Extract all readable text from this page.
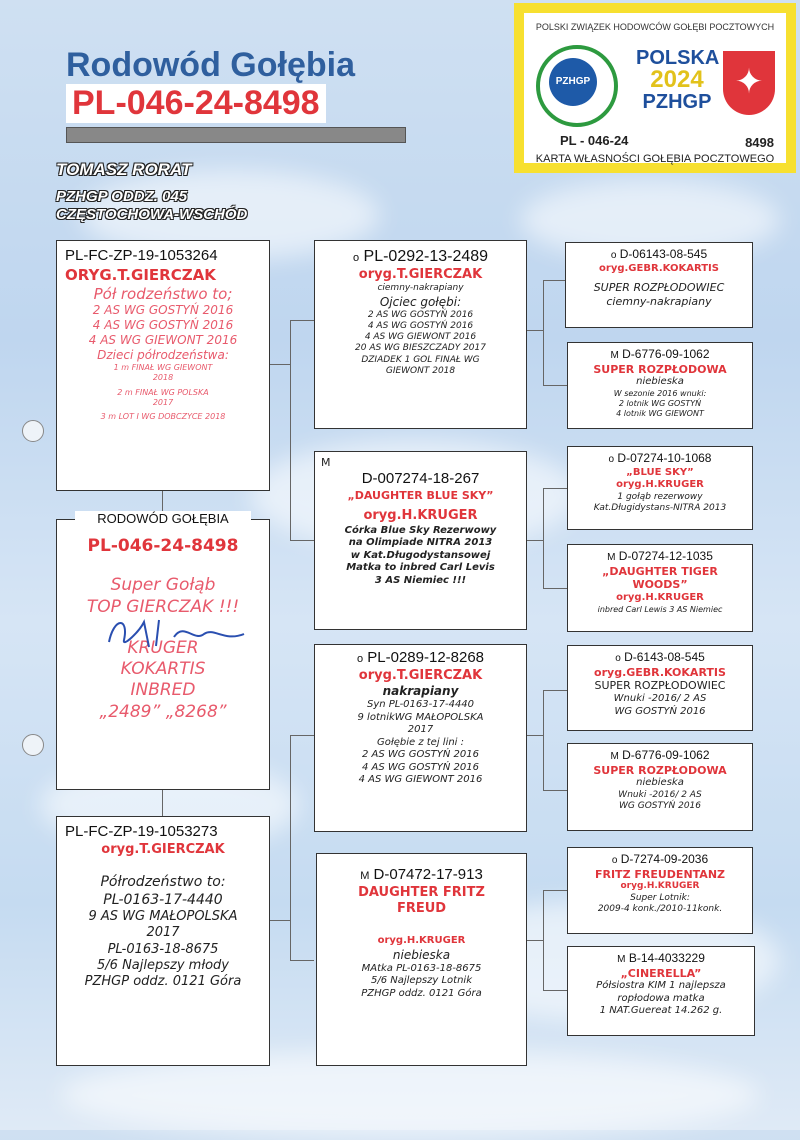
Rodowód Gołębia
PL-046-24-8498
TOMASZ RORAT
PZHGP ODDZ. 045
CZĘSTOCHOWA-WSCHÓD
POLSKI ZWIĄZEK HODOWCÓW GOŁĘBI POCZTOWYCH
PZHGP
POLSKA
2024
PZHGP ✦
PL - 046-24	8498
KARTA WŁASNOŚCI GOŁĘBIA POCZTOWEGO
PL-FC-ZP-19-1053264
ORYG.T.GIERCZAK
Pół rodzeństwo to;
2 AS WG GOSTYŃ 2016
4 AS WG GOSTYŃ 2016
4 AS WG GIEWONT 2016
Dzieci półrodzeństwa:
1 m FINAŁ WG GIEWONT
2018
2 m FINAŁ WG POLSKA
2017
3 m LOT I WG DOBCZYCE 2018
RODOWÓD GOŁĘBIA
PL-046-24-8498
Super Gołąb
TOP GIERCZAK !!!
KRUGER
KOKARTIS
INBRED
„2489” „8268”
PL-FC-ZP-19-1053273
oryg.T.GIERCZAK
Półrodzeństwo to:
PL-0163-17-4440
9 AS WG MAŁOPOLSKA
2017
PL-0163-18-8675
5/6 Najlepszy młody
PZHGP oddz. 0121 Góra
o PL-0292-13-2489
oryg.T.GIERCZAK
ciemny-nakrapiany
Ojciec gołębi:
2 AS WG GOSTYŃ 2016
4 AS WG GOSTYŃ 2016
4 AS WG GIEWONT 2016
20 AS WG BIESZCZADY 2017
DZIADEK 1 GOL FINAŁ WG
GIEWONT 2018
M
D-007274-18-267
„DAUGHTER BLUE SKY”
oryg.H.KRUGER
Córka Blue Sky Rezerwowy
na Olimpiade NITRA 2013
w Kat.Długodystansowej
Matka to inbred Carl Levis
3 AS Niemiec !!!
o PL-0289-12-8268
oryg.T.GIERCZAK
nakrapiany
Syn PL-0163-17-4440
9 lotnikWG MAŁOPOLSKA
2017
Gołębie z tej lini :
2 AS WG GOSTYŃ 2016
4 AS WG GOSTYŃ 2016
4 AS WG GIEWONT 2016
M D-07472-17-913
DAUGHTER FRITZ
FREUD
oryg.H.KRUGER
niebieska
MAtka PL-0163-18-8675
5/6 Najlepszy Lotnik
PZHGP oddz. 0121 Góra
o D-06143-08-545
oryg.GEBR.KOKARTIS
SUPER ROZPŁODOWIEC
ciemny-nakrapiany
M D-6776-09-1062
SUPER ROZPŁODOWA
niebieska
W sezonie 2016 wnuki:
2 lotnik WG GOSTYŃ
4 lotnik WG GIEWONT
o D-07274-10-1068
„BLUE SKY”
oryg.H.KRUGER
1 gołąb rezerwowy
Kat.Długidystans-NITRA 2013
M D-07274-12-1035
„DAUGHTER TIGER
WOODS”
oryg.H.KRUGER
inbred Carl Lewis 3 AS Niemiec
o D-6143-08-545
oryg.GEBR.KOKARTIS
SUPER ROZPŁODOWIEC
Wnuki -2016/ 2 AS
WG GOSTYŃ 2016
M D-6776-09-1062
SUPER ROZPŁODOWA
niebieska
Wnuki -2016/ 2 AS
WG GOSTYŃ 2016
o D-7274-09-2036
FRITZ FREUDENTANZ
oryg.H.KRUGER
Super Lotnik:
2009-4 konk./2010-11konk.
M B-14-4033229
„CINERELLA”
Półsiostra KIM 1 najlepsza
ropłodowa matka
1 NAT.Guereat 14.262 g.
